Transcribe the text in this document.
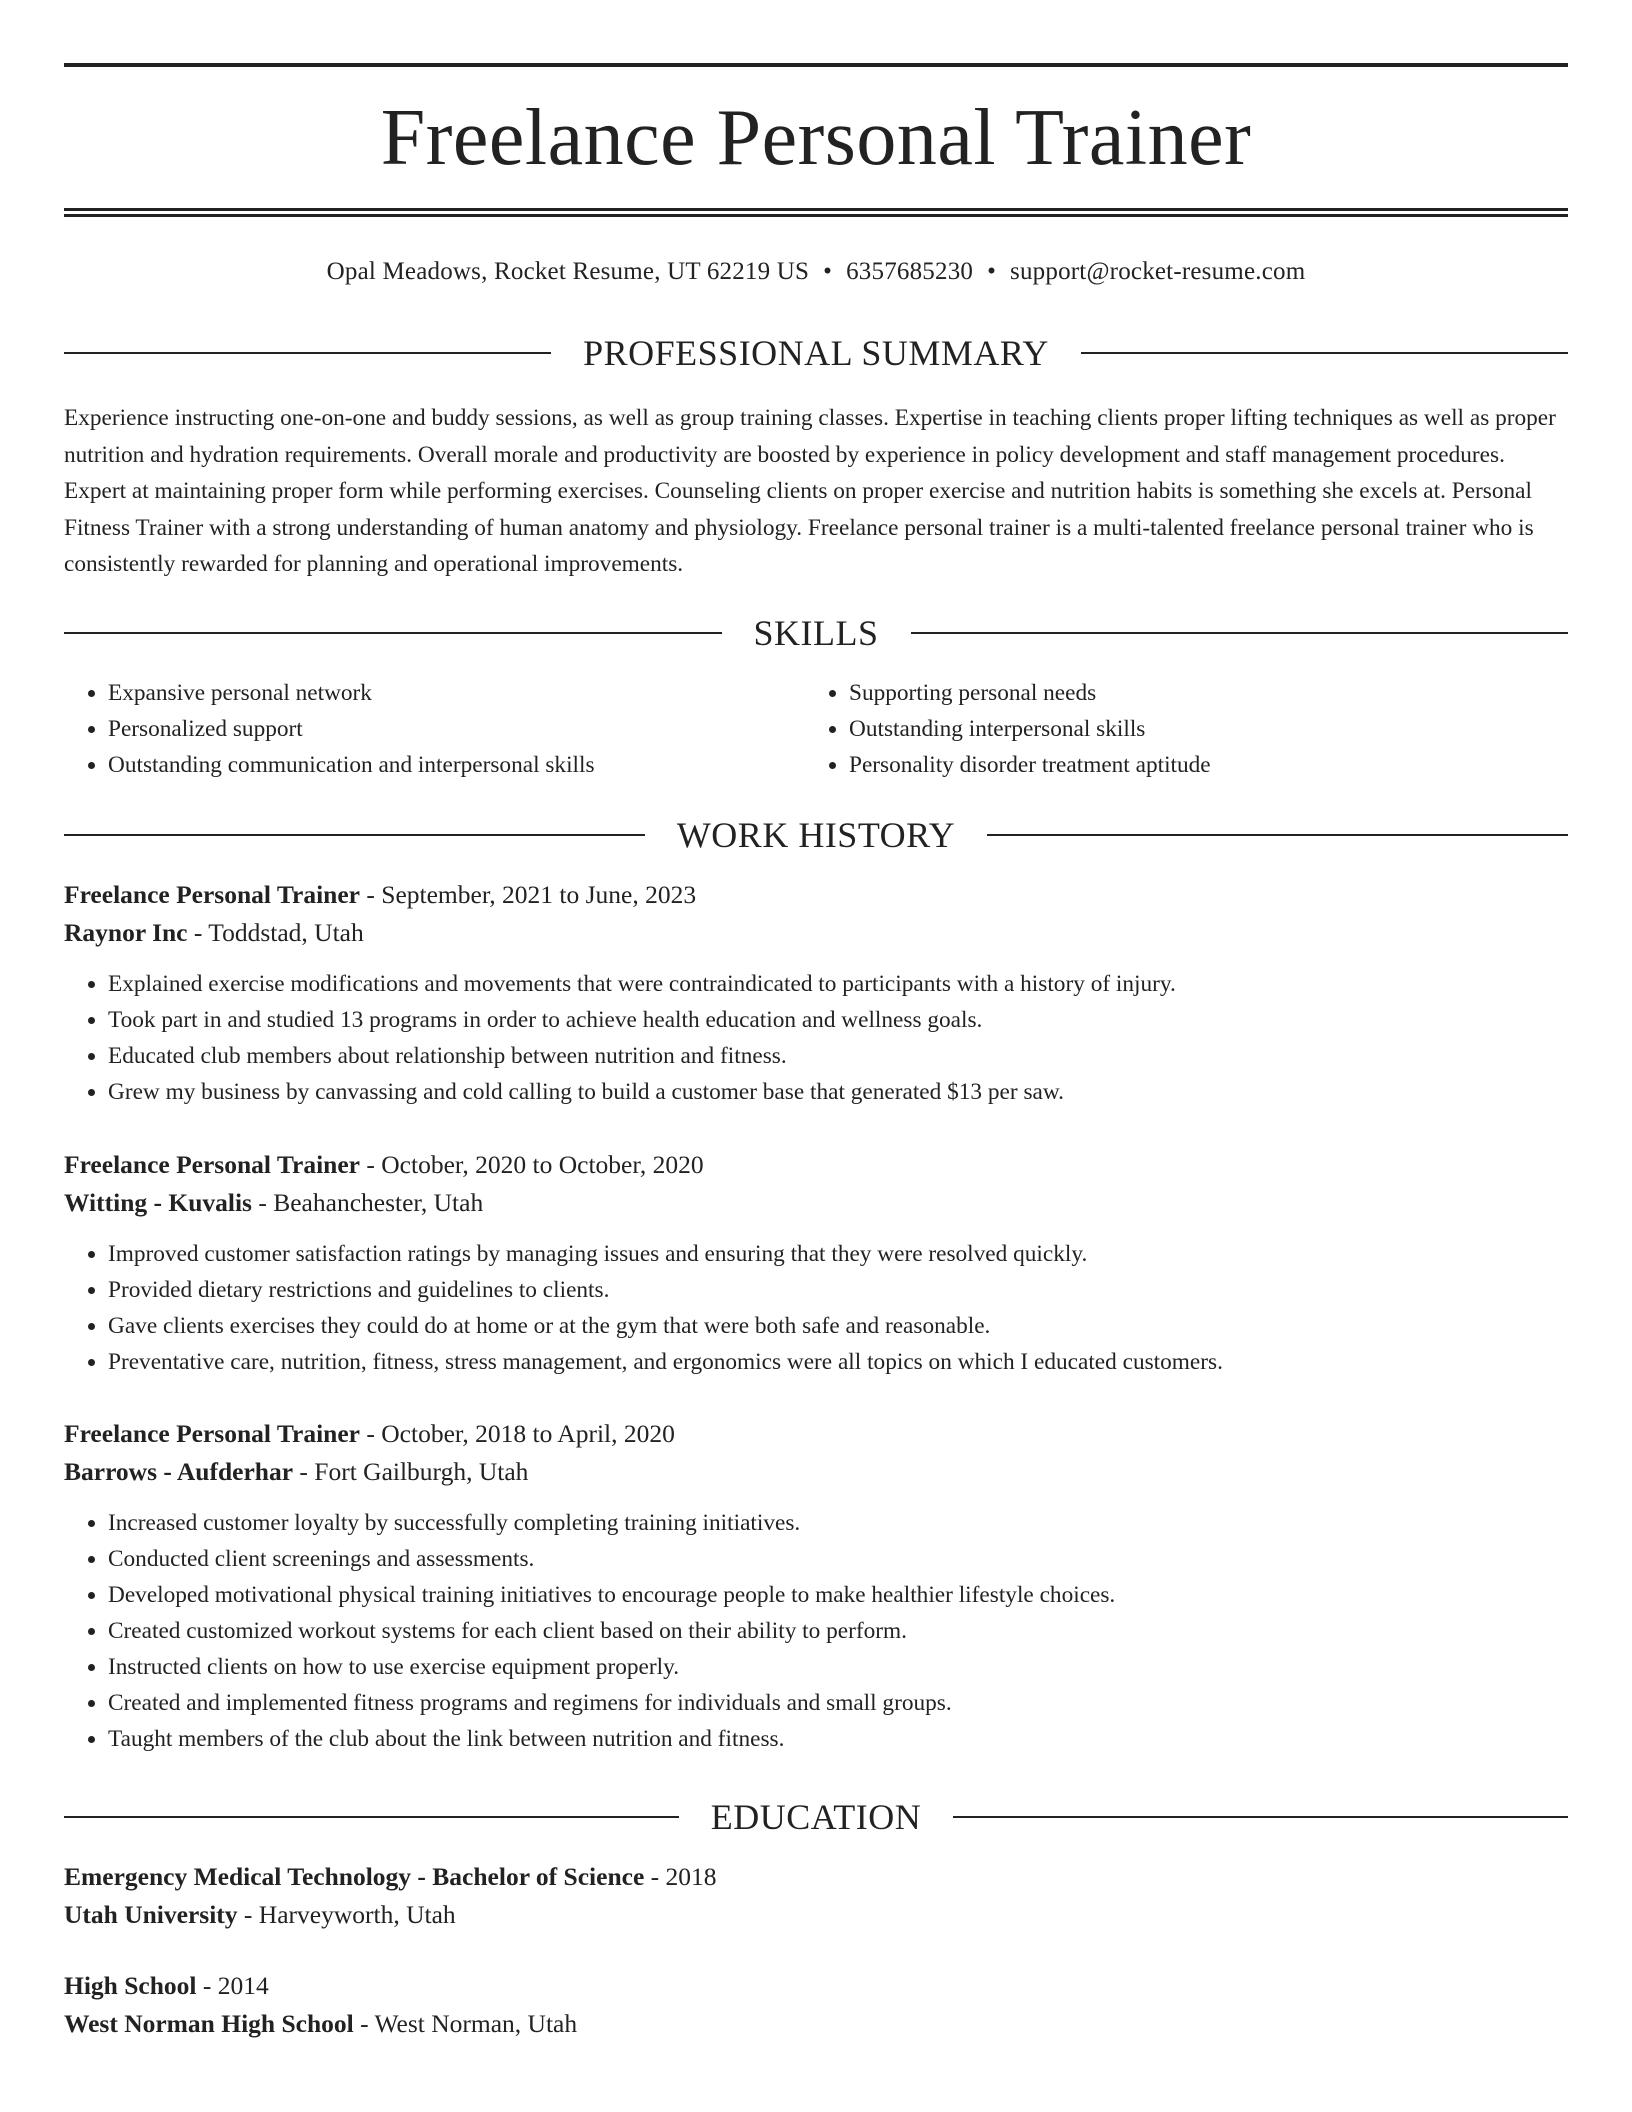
Freelance Personal Trainer
Opal Meadows, Rocket Resume, UT 62219 US • 6357685230 • support@rocket-resume.com
PROFESSIONAL SUMMARY

Experience instructing one-on-one and buddy sessions, as well as group training classes. Expertise in teaching clients proper lifting techniques as well as proper nutrition and hydration requirements. Overall morale and productivity are boosted by experience in policy development and staff management procedures. Expert at maintaining proper form while performing exercises. Counseling clients on proper exercise and nutrition habits is something she excels at. Personal Fitness Trainer with a strong understanding of human anatomy and physiology. Freelance personal trainer is a multi-talented freelance personal trainer who is consistently rewarded for planning and operational improvements.

SKILLS
• Expansive personal network
• Personalized support
• Outstanding communication and interpersonal skills
• Supporting personal needs
• Outstanding interpersonal skills
• Personality disorder treatment aptitude
WORK HISTORY
Freelance Personal Trainer - September, 2021 to June, 2023
Raynor Inc - Toddstad, Utah
• Explained exercise modifications and movements that were contraindicated to participants with a history of injury.
• Took part in and studied 13 programs in order to achieve health education and wellness goals.
• Educated club members about relationship between nutrition and fitness.
• Grew my business by canvassing and cold calling to build a customer base that generated $13 per saw.
Freelance Personal Trainer - October, 2020 to October, 2020
Witting - Kuvalis - Beahanchester, Utah
• Improved customer satisfaction ratings by managing issues and ensuring that they were resolved quickly.
• Provided dietary restrictions and guidelines to clients.
• Gave clients exercises they could do at home or at the gym that were both safe and reasonable.
• Preventative care, nutrition, fitness, stress management, and ergonomics were all topics on which I educated customers.
Freelance Personal Trainer - October, 2018 to April, 2020
Barrows - Aufderhar - Fort Gailburgh, Utah
• Increased customer loyalty by successfully completing training initiatives.
• Conducted client screenings and assessments.
• Developed motivational physical training initiatives to encourage people to make healthier lifestyle choices.
• Created customized workout systems for each client based on their ability to perform.
• Instructed clients on how to use exercise equipment properly.
• Created and implemented fitness programs and regimens for individuals and small groups.
• Taught members of the club about the link between nutrition and fitness.
EDUCATION
Emergency Medical Technology - Bachelor of Science - 2018
Utah University - Harveyworth, Utah
High School - 2014
West Norman High School - West Norman, Utah
